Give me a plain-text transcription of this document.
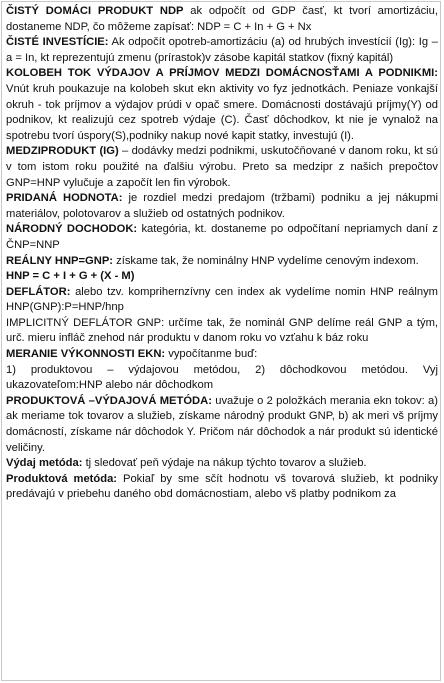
ČISTÝ DOMÁCI PRODUKT NDP ak odpočít od GDP časť, kt tvorí amortizáciu, dostaneme NDP, čo môžeme zapísať: NDP = C + In + G + Nx

ČISTÉ INVESTÍCIE: Ak odpočít opotreb-amortizáciu (a) od hrubých investícií (Ig): Ig – a = In, kt reprezentujú zmenu (prírastok)v zásobe kapitál statkov (fixný kapitál)

KOLOBEH TOK VÝDAJOV A PRÍJMOV MEDZI DOMÁCNOSŤAMI A PODNIKMI: Vnút kruh poukazuje na kolobeh skut ekn aktivity vo fyz jednotkách. Peniaze vonkajší okruh - tok príjmov a výdajov prúdi v opač smere. Domácnosti dostávajú príjmy(Y) od podnikov, kt realizujú cez spotreb výdaje (C). Časť dôchodkov, kt nie je vynalož na spotrebu tvorí úspory(S),podniky nakup nové kapit statky, investujú (I).

MEDZIPRODUKT (IG) – dodávky medzi podnikmi, uskutočňované v danom roku, kt sú v tom istom roku použité na ďalšiu výrobu. Preto sa medzipr z našich prepočtov GNP=HNP vylučuje a započít len fin výrobok.

PRIDANÁ HODNOTA: je rozdiel medzi predajom (tržbami) podniku a jej nákupmi materiálov, polotovarov a služieb od ostatných podnikov.

NÁRODNÝ DOCHODOK: kategória, kt. dostaneme po odpočítaní nepriamych daní z ČNP=NNP

REÁLNY HNP=GNP: získame tak, že nominálny HNP vydelíme cenovým indexom.

HNP = C + I + G + (X - M)

DEFLÁTOR: alebo tzv. komprihernzívny cen index ak vydelíme nomin HNP reálnym HNP(GNP):P=HNP/hnp

IMPLICITNÝ DEFLÁTOR GNP: určíme tak, že nominál GNP delíme reál GNP a tým, urč. mieru infláč znehod nár produktu v danom roku vo vzťahu k báz roku

MERANIE VÝKONNOSTI EKN: vypočítanme buď:

1) produktovou – výdajovou metódou, 2) dôchodkovou metódou. Vyj ukazovateľom:HNP alebo nár dôchodkom

PRODUKTOVÁ –VÝDAJOVÁ METÓDA: uvažuje o 2 položkách merania ekn tokov: a) ak meriame tok tovarov a služieb, získame národný produkt GNP, b) ak meri vš príjmy domácností, získame nár dôchodok Y. Pričom nár dôchodok a nár produkt sú identické veličiny.

Výdaj metóda: tj sledovať peň výdaje na nákup týchto tovarov a služieb.

Produktová metóda: Pokiaľ by sme sčít hodnotu vš tovarová služieb, kt podniky predávajú v priebehu daného obd domácnostiam, alebo vš platby podnikom za
